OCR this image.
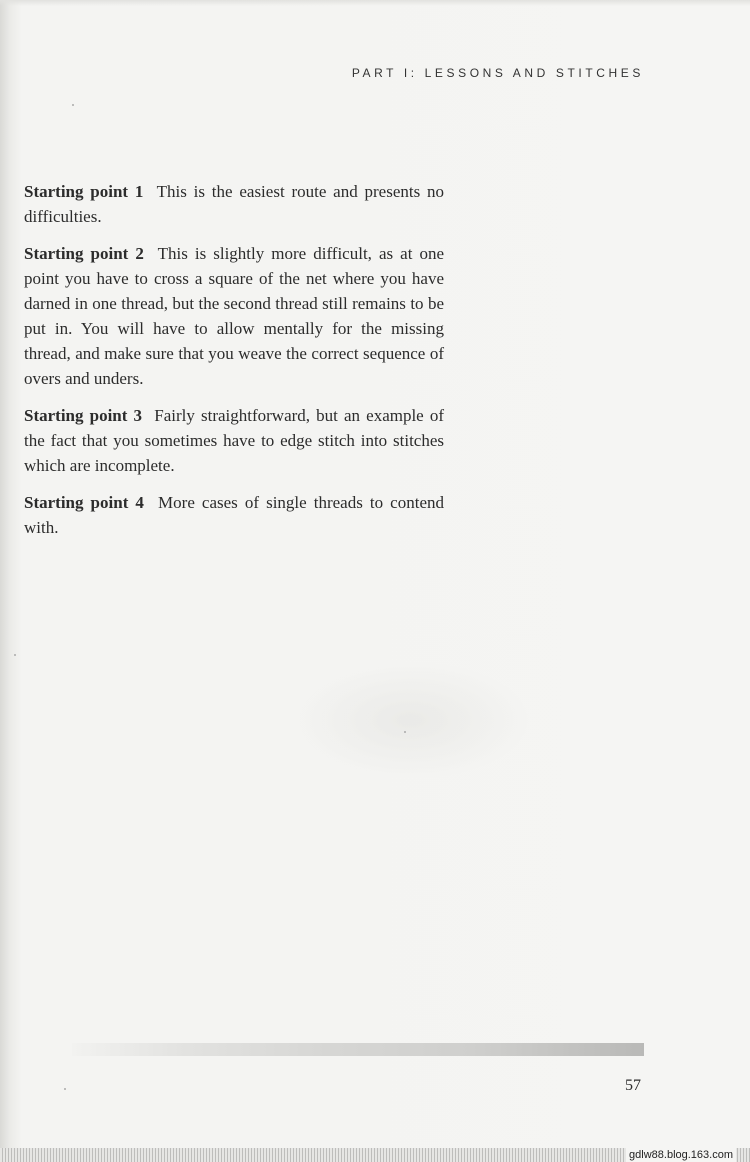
PART I: LESSONS AND STITCHES

Starting point 1 This is the easiest route and presents no difficulties.

Starting point 2 This is slightly more difficult, as at one point you have to cross a square of the net where you have darned in one thread, but the second thread still remains to be put in. You will have to allow mentally for the missing thread, and make sure that you weave the correct sequence of overs and unders.

Starting point 3 Fairly straightforward, but an example of the fact that you sometimes have to edge stitch into stitches which are incomplete.

Starting point 4 More cases of single threads to contend with.

57
gdlw88.blog.163.com
